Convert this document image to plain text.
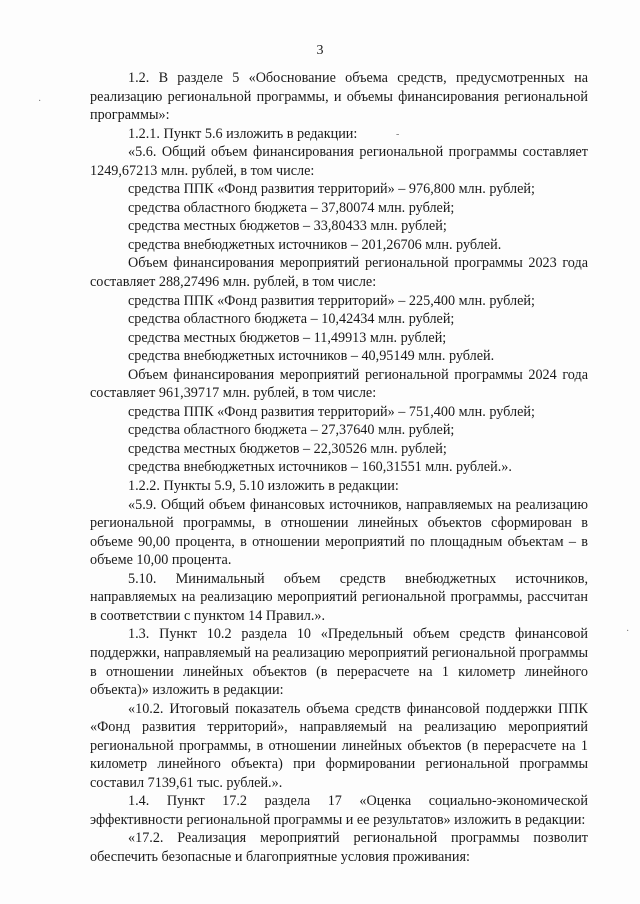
3
·
-
·

1.2. В разделе 5 «Обоснование объема средств, предусмотренных на реализацию региональной программы, и объемы финансирования региональной программы»:

1.2.1. Пункт 5.6 изложить в редакции:

«5.6. Общий объем финансирования региональной программы составляет 1249,67213 млн. рублей, в том числе:

средства ППК «Фонд развития территорий» – 976,800 млн. рублей;

средства областного бюджета – 37,80074 млн. рублей;

средства местных бюджетов – 33,80433 млн. рублей;

средства внебюджетных источников – 201,26706 млн. рублей.

Объем финансирования мероприятий региональной программы 2023 года составляет 288,27496 млн. рублей, в том числе:

средства ППК «Фонд развития территорий» – 225,400 млн. рублей;

средства областного бюджета – 10,42434 млн. рублей;

средства местных бюджетов – 11,49913 млн. рублей;

средства внебюджетных источников – 40,95149 млн. рублей.

Объем финансирования мероприятий региональной программы 2024 года составляет 961,39717 млн. рублей, в том числе:

средства ППК «Фонд развития территорий» – 751,400 млн. рублей;

средства областного бюджета – 27,37640 млн. рублей;

средства местных бюджетов – 22,30526 млн. рублей;

средства внебюджетных источников – 160,31551 млн. рублей.».

1.2.2. Пункты 5.9, 5.10 изложить в редакции:

«5.9. Общий объем финансовых источников, направляемых на реализацию региональной программы, в отношении линейных объектов сформирован в объеме 90,00 процента, в отношении мероприятий по площадным объектам – в объеме 10,00 процента.

5.10. Минимальный объем средств внебюджетных источников, направляемых на реализацию мероприятий региональной программы, рассчитан в соответствии с пунктом 14 Правил.».

1.3. Пункт 10.2 раздела 10 «Предельный объем средств финансовой поддержки, направляемый на реализацию мероприятий региональной программы в отношении линейных объектов (в перерасчете на 1 километр линейного объекта)» изложить в редакции:

«10.2. Итоговый показатель объема средств финансовой поддержки ППК «Фонд развития территорий», направляемый на реализацию мероприятий региональной программы, в отношении линейных объектов (в перерасчете на 1 километр линейного объекта) при формировании региональной программы составил 7139,61 тыс. рублей.».

1.4. Пункт 17.2 раздела 17 «Оценка социально-экономической эффективности региональной программы и ее результатов» изложить в редакции:

«17.2. Реализация мероприятий региональной программы позволит обеспечить безопасные и благоприятные условия проживания:
